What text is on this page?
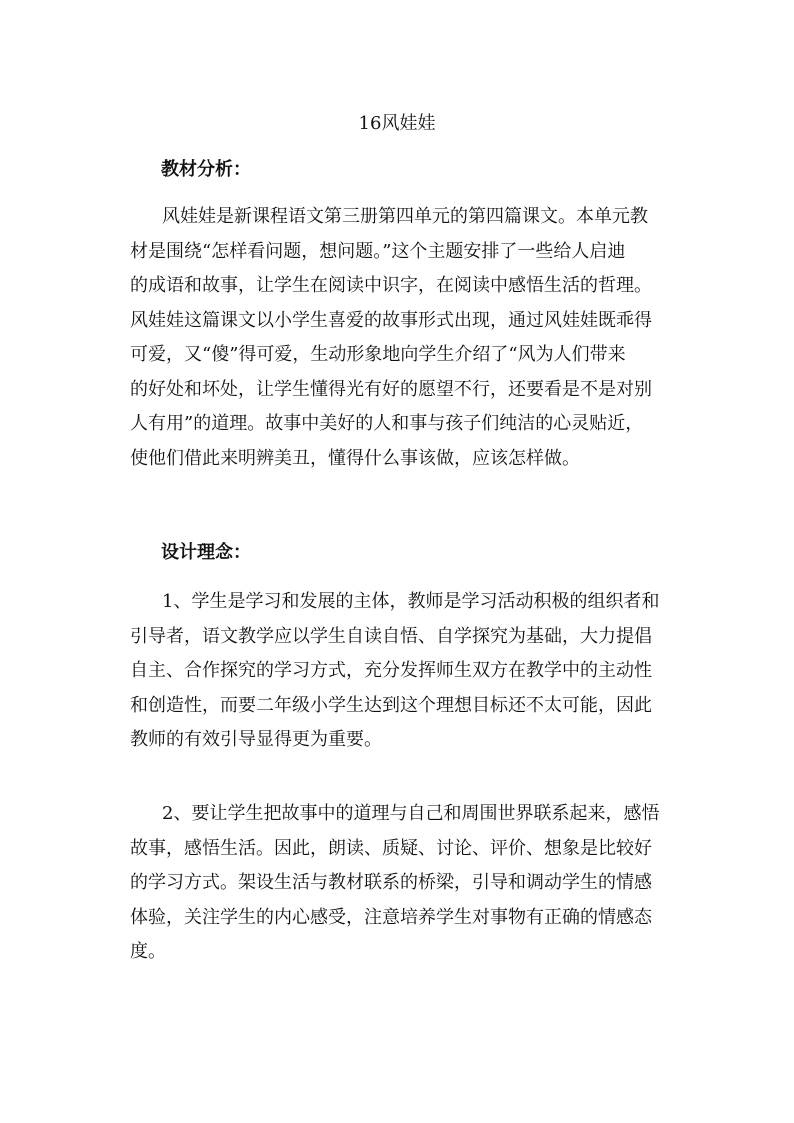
16风娃娃
教材分析：
风娃娃是新课程语文第三册第四单元的第四篇课文。本单元教
材是围绕“怎样看问题，想问题。”这个主题安排了一些给人启迪
的成语和故事，让学生在阅读中识字，在阅读中感悟生活的哲理。
风娃娃这篇课文以小学生喜爱的故事形式出现，通过风娃娃既乖得
可爱，又“傻”得可爱，生动形象地向学生介绍了“风为人们带来
的好处和坏处，让学生懂得光有好的愿望不行，还要看是不是对别
人有用”的道理。故事中美好的人和事与孩子们纯洁的心灵贴近，
使他们借此来明辨美丑，懂得什么事该做，应该怎样做。
设计理念：
1、学生是学习和发展的主体，教师是学习活动积极的组织者和
引导者，语文教学应以学生自读自悟、自学探究为基础，大力提倡
自主、合作探究的学习方式，充分发挥师生双方在教学中的主动性
和创造性，而要二年级小学生达到这个理想目标还不太可能，因此
教师的有效引导显得更为重要。
2、要让学生把故事中的道理与自己和周围世界联系起来，感悟
故事，感悟生活。因此，朗读、质疑、讨论、评价、想象是比较好
的学习方式。架设生活与教材联系的桥梁，引导和调动学生的情感
体验，关注学生的内心感受，注意培养学生对事物有正确的情感态
度。
